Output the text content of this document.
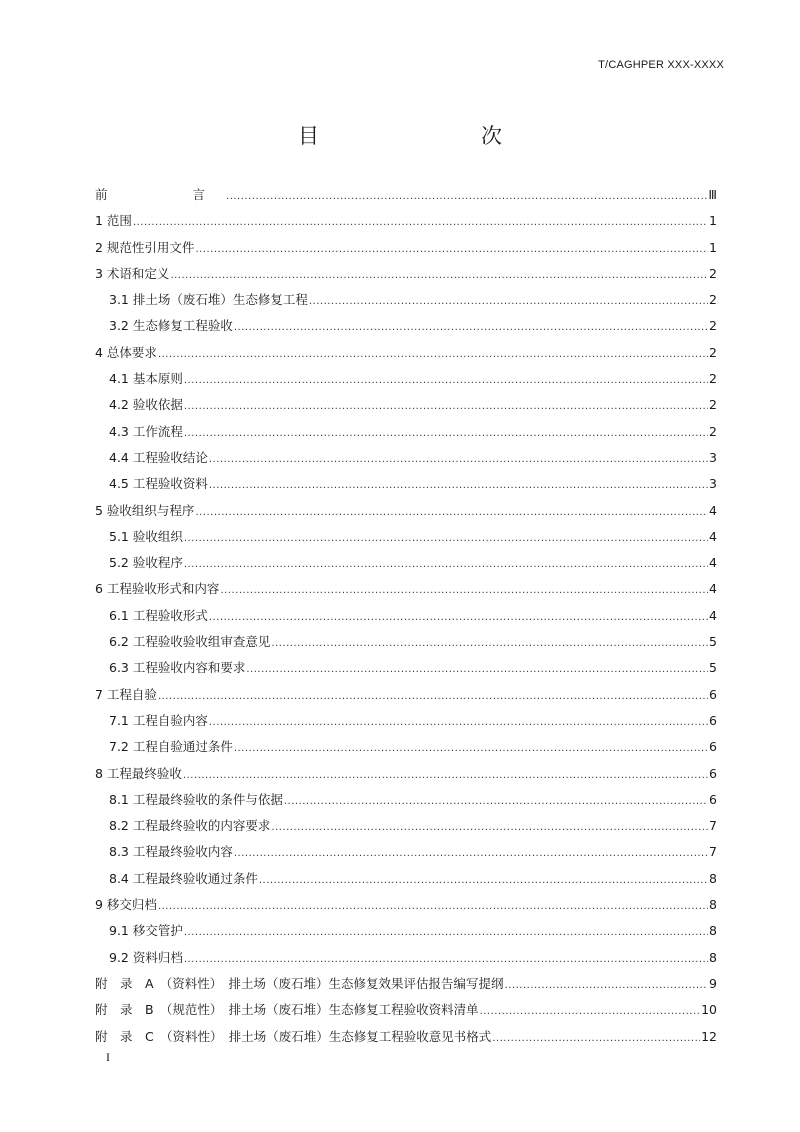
T/CAGHPER XXX-XXXX
目　　次
前　　言 .....	Ⅲ
1 范围 .....	1
2 规范性引用文件 .....	1
3 术语和定义 .....	2
3.1 排土场（废石堆）生态修复工程 .....	2
3.2 生态修复工程验收 .....	2
4 总体要求 .....	2
4.1 基本原则 .....	2
4.2 验收依据 .....	2
4.3 工作流程 .....	2
4.4 工程验收结论 .....	3
4.5 工程验收资料 .....	3
5 验收组织与程序 .....	4
5.1 验收组织 .....	4
5.2 验收程序 .....	4
6 工程验收形式和内容 .....	4
6.1 工程验收形式 .....	4
6.2 工程验收验收组审查意见 .....	5
6.3 工程验收内容和要求 .....	5
7 工程自验 .....	6
7.1 工程自验内容 .....	6
7.2 工程自验通过条件 .....	6
8 工程最终验收 .....	6
8.1 工程最终验收的条件与依据 .....	6
8.2 工程最终验收的内容要求 .....	7
8.3 工程最终验收内容 .....	7
8.4 工程最终验收通过条件 .....	8
9 移交归档 .....	8
9.1 移交管护 .....	8
9.2 资料归档 .....	8
附　录　A　（资料性）　排土场（废石堆）生态修复效果评估报告编写提纲 .....	9
附　录　B　（规范性）　排土场（废石堆）生态修复工程验收资料清单 .....	10
附　录　C　（资料性）　排土场（废石堆）生态修复工程验收意见书格式 .....	12
I
